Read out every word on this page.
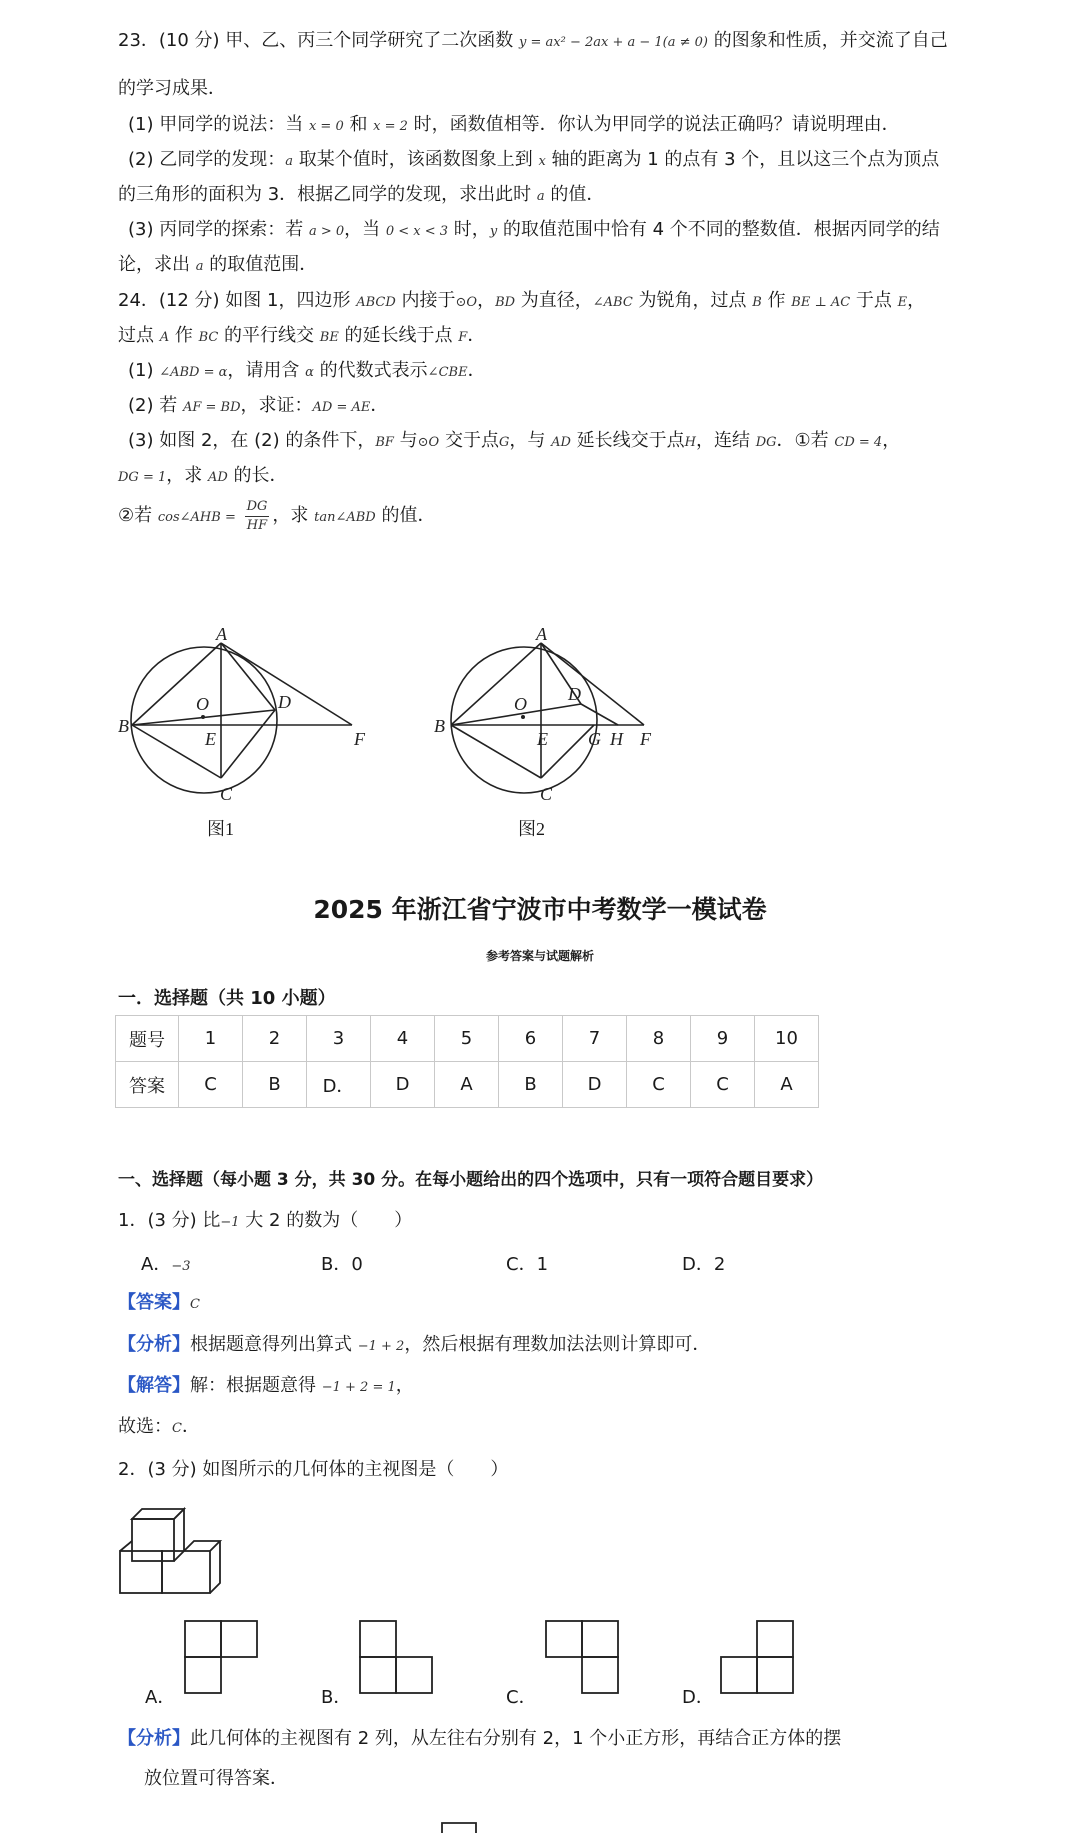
23．(10 分) 甲、乙、丙三个同学研究了二次函数 y = ax² − 2ax + a − 1(a ≠ 0) 的图象和性质，并交流了自己
的学习成果．
(1) 甲同学的说法：当 x = 0 和 x = 2 时，函数值相等．你认为甲同学的说法正确吗？请说明理由．
(2) 乙同学的发现：a 取某个值时，该函数图象上到 x 轴的距离为 1 的点有 3 个，且以这三个点为顶点
的三角形的面积为 3．根据乙同学的发现，求出此时 a 的值．
(3) 丙同学的探索：若 a > 0，当 0 < x < 3 时，y 的取值范围中恰有 4 个不同的整数值．根据丙同学的结
论，求出 a 的取值范围．
24．(12 分) 如图 1，四边形 ABCD 内接于⊙O，BD 为直径，∠ABC 为锐角，过点 B 作 BE ⊥ AC 于点 E，
过点 A 作 BC 的平行线交 BE 的延长线于点 F．
(1) ∠ABD = α，请用含 α 的代数式表示∠CBE．
(2) 若 AF = BD，求证：AD = AE．
(3) 如图 2，在 (2) 的条件下，BF 与⊙O 交于点G，与 AD 延长线交于点H，连结 DG．①若 CD = 4，
DG = 1，求 AD 的长．
②若 cos∠AHB = $\frac{DG}{HF}$ ，求 tan∠ABD 的值．
A
B
C
D
O
E	F
图1
A
B
C
D
O
E G H F
图2
2025 年浙江省宁波市中考数学一模试卷
参考答案与试题解析
一．选择题（共 10 小题）
题号	1	2	3	4	5	6	7	8	9	10
答案	C	B	D．	D	A	B	D	C	C	A
一、选择题（每小题 3 分，共 30 分。在每小题给出的四个选项中，只有一项符合题目要求）
1．(3 分) 比−1 大 2 的数为（　　）
A．−3	B．0	C．1	D．2
【答案】C
【分析】根据题意得列出算式 −1 + 2，然后根据有理数加法法则计算即可．
【解答】解：根据题意得 −1 + 2 = 1，
故选：C．
2．(3 分) 如图所示的几何体的主视图是（　　）
A．	B．	C．	D．
【分析】此几何体的主视图有 2 列，从左往右分别有 2，1 个小正方形，再结合正方体的摆
放位置可得答案．
